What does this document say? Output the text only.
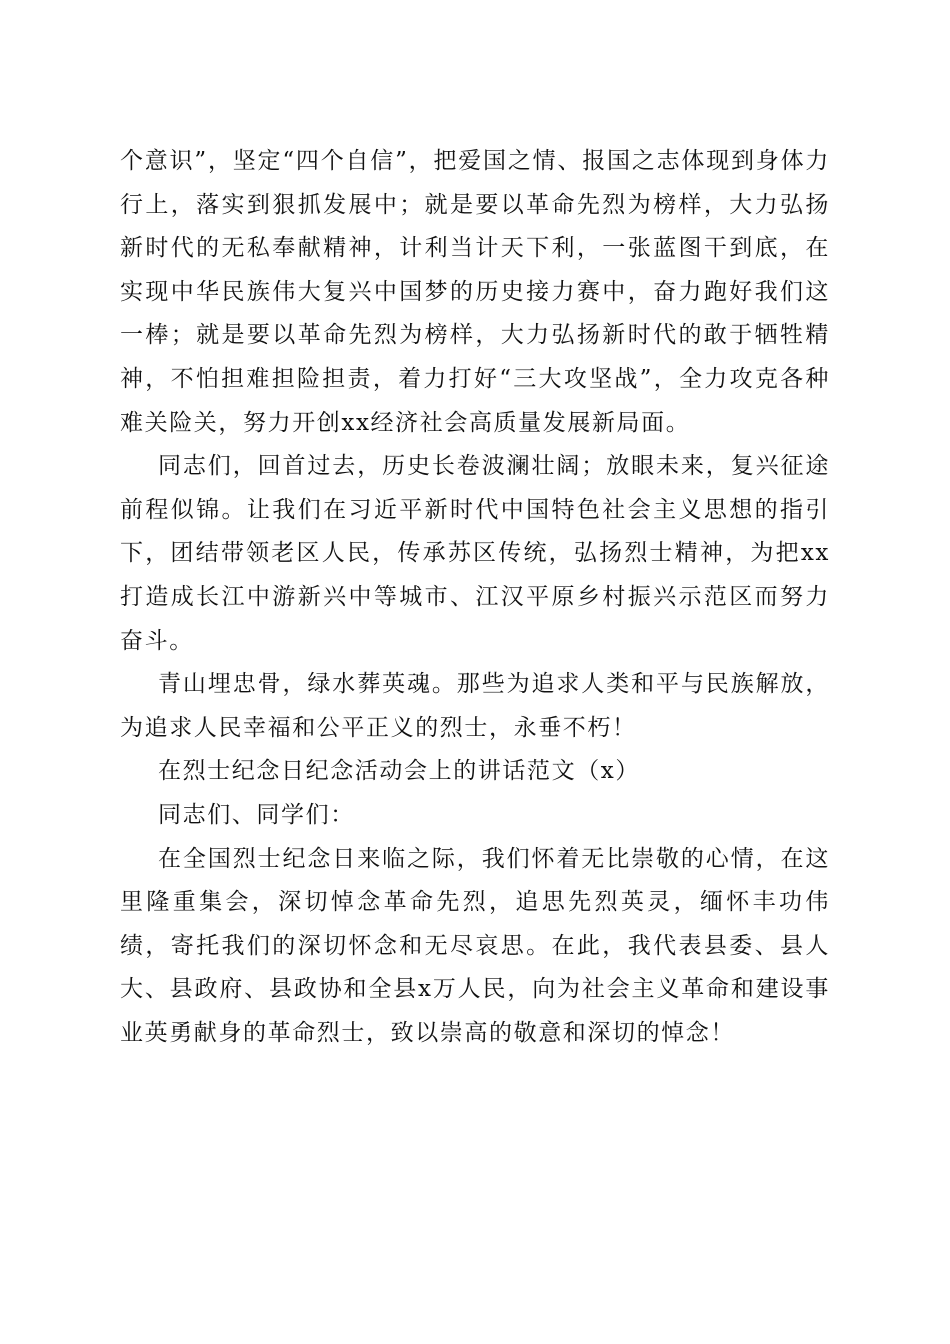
个意识”，坚定“四个自信”，把爱国之情、报国之志体现到身体力行上，落实到狠抓发展中；就是要以革命先烈为榜样，大力弘扬新时代的无私奉献精神，计利当计天下利，一张蓝图干到底，在实现中华民族伟大复兴中国梦的历史接力赛中，奋力跑好我们这一棒；就是要以革命先烈为榜样，大力弘扬新时代的敢于牺牲精神，不怕担难担险担责，着力打好“三大攻坚战”，全力攻克各种难关险关，努力开创xx经济社会高质量发展新局面。

同志们，回首过去，历史长卷波澜壮阔；放眼未来，复兴征途前程似锦。让我们在习近平新时代中国特色社会主义思想的指引下，团结带领老区人民，传承苏区传统，弘扬烈士精神，为把xx打造成长江中游新兴中等城市、江汉平原乡村振兴示范区而努力奋斗。

青山埋忠骨，绿水葬英魂。那些为追求人类和平与民族解放，为追求人民幸福和公平正义的烈士，永垂不朽！

在烈士纪念日纪念活动会上的讲话范文（x）

同志们、同学们：

在全国烈士纪念日来临之际，我们怀着无比崇敬的心情，在这里隆重集会，深切悼念革命先烈，追思先烈英灵，缅怀丰功伟绩，寄托我们的深切怀念和无尽哀思。在此，我代表县委、县人大、县政府、县政协和全县x万人民，向为社会主义革命和建设事业英勇献身的革命烈士，致以崇高的敬意和深切的悼念！
